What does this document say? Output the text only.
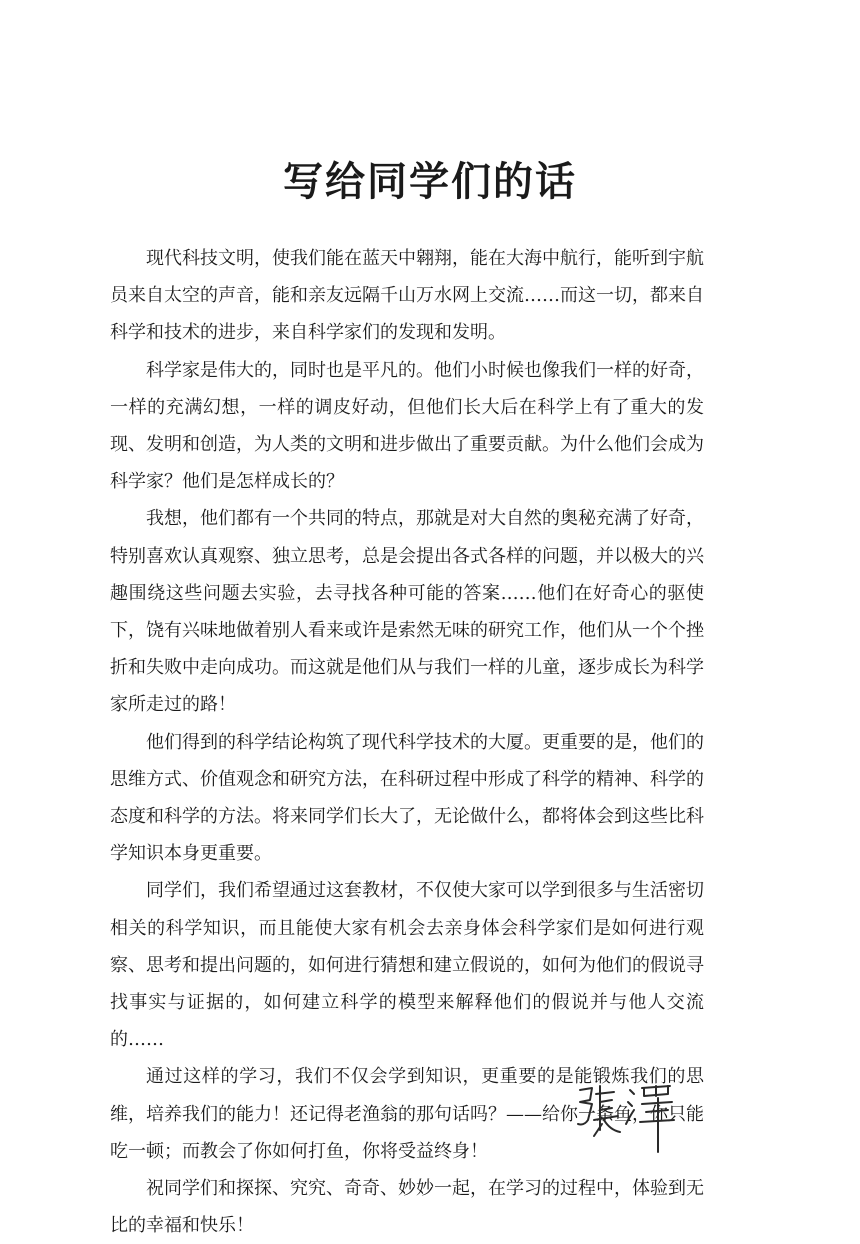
写给同学们的话

现代科技文明，使我们能在蓝天中翱翔，能在大海中航行，能听到宇航员来自太空的声音，能和亲友远隔千山万水网上交流……而这一切，都来自科学和技术的进步，来自科学家们的发现和发明。

科学家是伟大的，同时也是平凡的。他们小时候也像我们一样的好奇，一样的充满幻想，一样的调皮好动，但他们长大后在科学上有了重大的发现、发明和创造，为人类的文明和进步做出了重要贡献。为什么他们会成为科学家？他们是怎样成长的？

我想，他们都有一个共同的特点，那就是对大自然的奥秘充满了好奇，特别喜欢认真观察、独立思考，总是会提出各式各样的问题，并以极大的兴趣围绕这些问题去实验，去寻找各种可能的答案……他们在好奇心的驱使下，饶有兴味地做着别人看来或许是索然无味的研究工作，他们从一个个挫折和失败中走向成功。而这就是他们从与我们一样的儿童，逐步成长为科学家所走过的路！

他们得到的科学结论构筑了现代科学技术的大厦。更重要的是，他们的思维方式、价值观念和研究方法，在科研过程中形成了科学的精神、科学的态度和科学的方法。将来同学们长大了，无论做什么，都将体会到这些比科学知识本身更重要。

同学们，我们希望通过这套教材，不仅使大家可以学到很多与生活密切相关的科学知识，而且能使大家有机会去亲身体会科学家们是如何进行观察、思考和提出问题的，如何进行猜想和建立假说的，如何为他们的假说寻找事实与证据的，如何建立科学的模型来解释他们的假说并与他人交流的……

通过这样的学习，我们不仅会学到知识，更重要的是能锻炼我们的思维，培养我们的能力！还记得老渔翁的那句话吗？——给你一条鱼，你只能吃一顿；而教会了你如何打鱼，你将受益终身！

祝同学们和探探、究究、奇奇、妙妙一起，在学习的过程中，体验到无比的幸福和快乐！
